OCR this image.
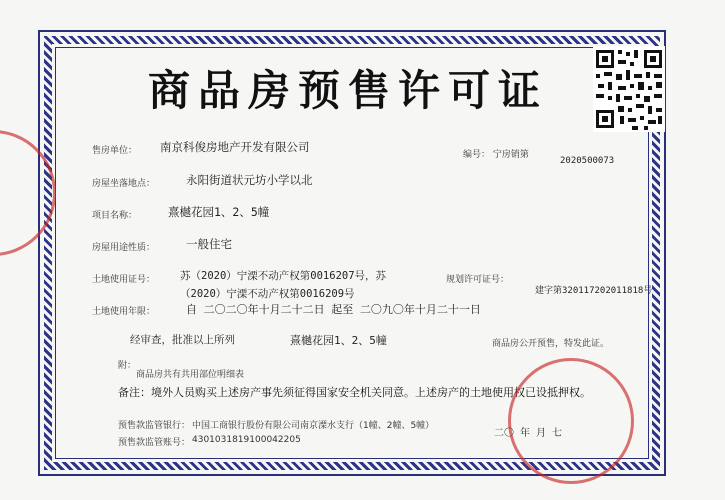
商品房预售许可证
售房单位： 南京科俊房地产开发有限公司
编号： 宁房销第
2020500073
房屋坐落地点：	永阳街道状元坊小学以北
项目名称：	熹樾花园1、2、5幢
房屋用途性质：	一般住宅
土地使用证号： 苏（2020）宁溧不动产权第0016207号，苏
（2020）宁溧不动产权第0016209号
规划许可证号：
建字第320117202011818号
土地使用年限：	自 二〇二〇年十月二十二日 起至 二〇九〇年十月二十一日
经审查，批准以上所列	熹樾花园1、2、5幢	商品房公开预售，特发此证。
附：
商品房共有共用部位明细表
备注：境外人员购买上述房产事先须征得国家安全机关同意。上述房产的土地使用权已设抵押权。
预售款监管银行： 中国工商银行股份有限公司南京溧水支行（1幢、2幢、5幢）
预售款监管账号： 4301031819100042205
二〇 年 月 七
